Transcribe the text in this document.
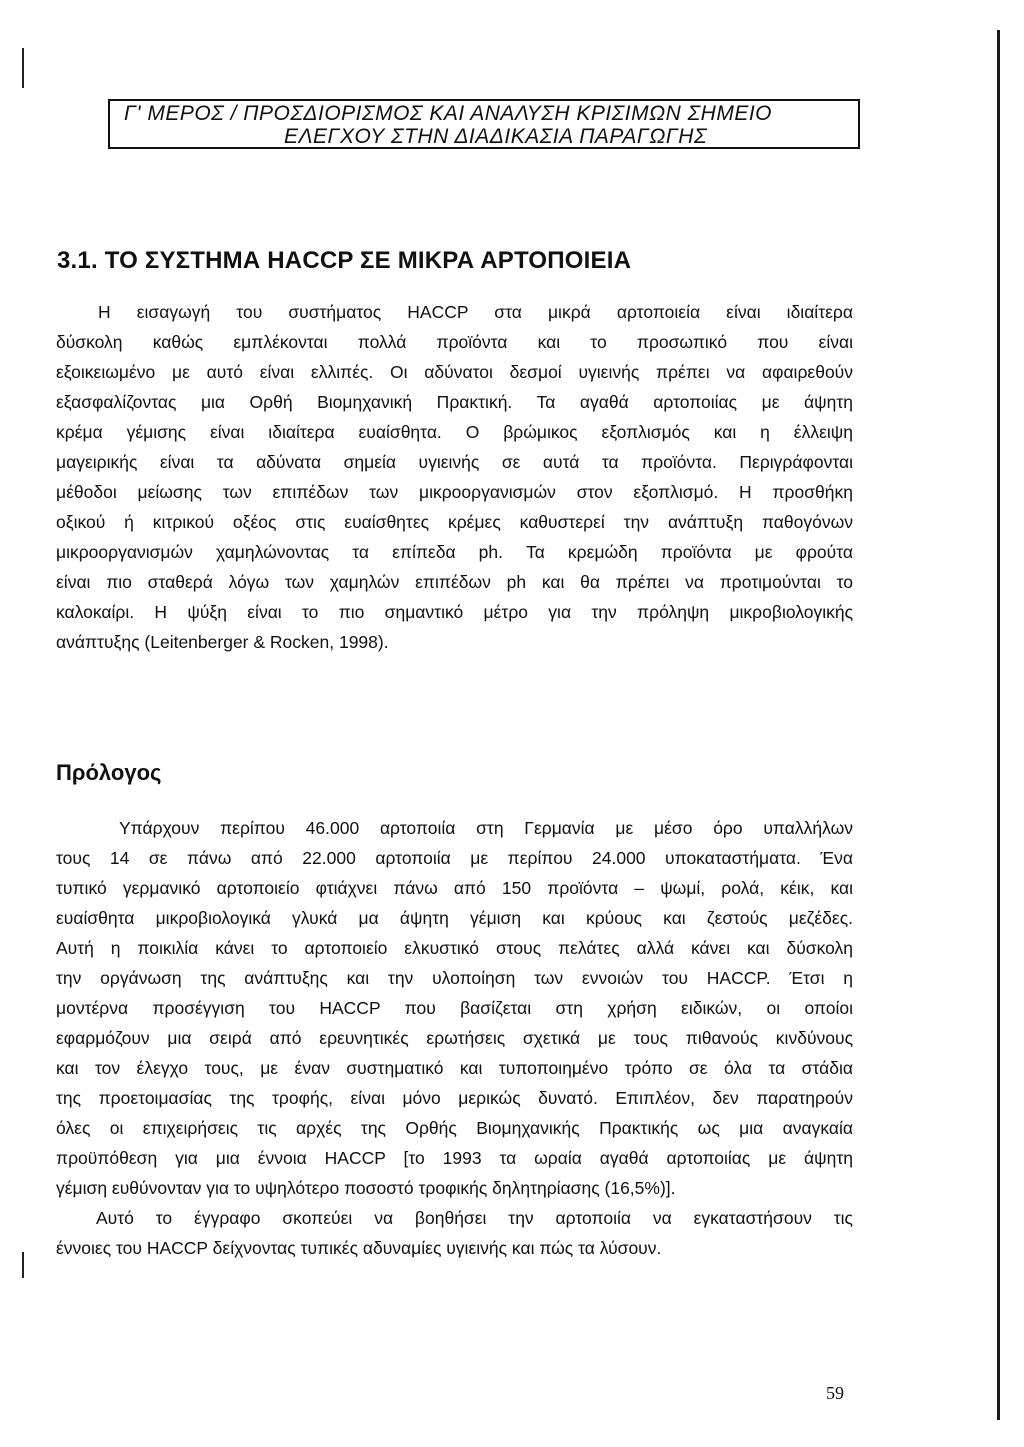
Γ' ΜΕΡΟΣ / ΠΡΟΣΔΙΟΡΙΣΜΟΣ ΚΑΙ ΑΝΑΛΥΣΗ ΚΡΙΣΙΜΩΝ ΣΗΜΕΙΟ
ΕΛΕΓΧΟΥ ΣΤΗΝ ΔΙΑΔΙΚΑΣΙΑ ΠΑΡΑΓΩΓΗΣ
3.1. ΤΟ ΣΥΣΤΗΜΑ HACCP ΣΕ ΜΙΚΡΑ ΑΡΤΟΠΟΙΕΙΑ
Η εισαγωγή του συστήματος HACCP στα μικρά αρτοποιεία είναι ιδιαίτερα
δύσκολη καθώς εμπλέκονται πολλά προϊόντα και το προσωπικό που είναι
εξοικειωμένο με αυτό είναι ελλιπές. Οι αδύνατοι δεσμοί υγιεινής πρέπει να αφαιρεθούν
εξασφαλίζοντας μια Ορθή Βιομηχανική Πρακτική. Τα αγαθά αρτοποιίας με άψητη
κρέμα γέμισης είναι ιδιαίτερα ευαίσθητα. Ο βρώμικος εξοπλισμός και η έλλειψη
μαγειρικής είναι τα αδύνατα σημεία υγιεινής σε αυτά τα προϊόντα. Περιγράφονται
μέθοδοι μείωσης των επιπέδων των μικροοργανισμών στον εξοπλισμό. Η προσθήκη
οξικού ή κιτρικού οξέος στις ευαίσθητες κρέμες καθυστερεί την ανάπτυξη παθογόνων
μικροοργανισμών χαμηλώνοντας τα επίπεδα ph. Τα κρεμώδη προϊόντα με φρούτα
είναι πιο σταθερά λόγω των χαμηλών επιπέδων ph και θα πρέπει να προτιμούνται το
καλοκαίρι. Η ψύξη είναι το πιο σημαντικό μέτρο για την πρόληψη μικροβιολογικής
ανάπτυξης (Leitenberger & Rocken, 1998).
Πρόλογος
Υπάρχουν περίπου 46.000 αρτοποιία στη Γερμανία με μέσο όρο υπαλλήλων
τους 14 σε πάνω από 22.000 αρτοποιία με περίπου 24.000 υποκαταστήματα. Ένα
τυπικό γερμανικό αρτοποιείο φτιάχνει πάνω από 150 προϊόντα – ψωμί, ρολά, κέικ, και
ευαίσθητα μικροβιολογικά γλυκά μα άψητη γέμιση και κρύους και ζεστούς μεζέδες.
Αυτή η ποικιλία κάνει το αρτοποιείο ελκυστικό στους πελάτες αλλά κάνει και δύσκολη
την οργάνωση της ανάπτυξης και την υλοποίηση των εννοιών του HACCP. Έτσι η
μοντέρνα προσέγγιση του HACCP που βασίζεται στη χρήση ειδικών, οι οποίοι
εφαρμόζουν μια σειρά από ερευνητικές ερωτήσεις σχετικά με τους πιθανούς κινδύνους
και τον έλεγχο τους, με έναν συστηματικό και τυποποιημένο τρόπο σε όλα τα στάδια
της προετοιμασίας της τροφής, είναι μόνο μερικώς δυνατό. Επιπλέον, δεν παρατηρούν
όλες οι επιχειρήσεις τις αρχές της Ορθής Βιομηχανικής Πρακτικής ως μια αναγκαία
προϋπόθεση για μια έννοια HACCP [το 1993 τα ωραία αγαθά αρτοποιίας με άψητη
γέμιση ευθύνονταν για το υψηλότερο ποσοστό τροφικής δηλητηρίασης (16,5%)].
Αυτό το έγγραφο σκοπεύει να βοηθήσει την αρτοποιία να εγκαταστήσουν τις
έννοιες του HACCP δείχνοντας τυπικές αδυναμίες υγιεινής και πώς τα λύσουν.
59
